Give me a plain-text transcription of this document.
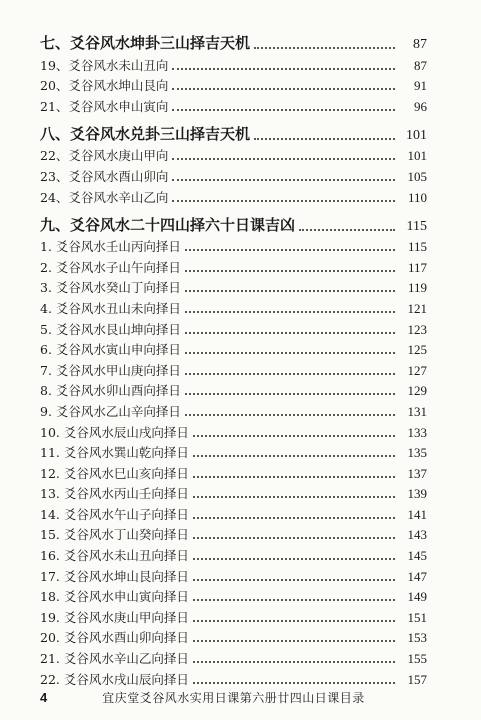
七、爻谷风水坤卦三山择吉天机	87
19、爻谷风水未山丑向	87
20、爻谷风水坤山艮向	91
21、爻谷风水申山寅向	96
八、爻谷风水兑卦三山择吉天机	101
22、爻谷风水庚山甲向	101
23、爻谷风水酉山卯向	105
24、爻谷风水辛山乙向	110
九、爻谷风水二十四山择六十日课吉凶	115
1. 爻谷风水壬山丙向择日	115
2. 爻谷风水子山午向择日	117
3. 爻谷风水癸山丁向择日	119
4. 爻谷风水丑山未向择日	121
5. 爻谷风水艮山坤向择日	123
6. 爻谷风水寅山申向择日	125
7. 爻谷风水甲山庚向择日	127
8. 爻谷风水卯山酉向择日	129
9. 爻谷风水乙山辛向择日	131
10. 爻谷风水辰山戌向择日	133
11. 爻谷风水巽山乾向择日	135
12. 爻谷风水巳山亥向择日	137
13. 爻谷风水丙山壬向择日	139
14. 爻谷风水午山子向择日	141
15. 爻谷风水丁山癸向择日	143
16. 爻谷风水未山丑向择日	145
17. 爻谷风水坤山艮向择日	147
18. 爻谷风水申山寅向择日	149
19. 爻谷风水庚山甲向择日	151
20. 爻谷风水酉山卯向择日	153
21. 爻谷风水辛山乙向择日	155
22. 爻谷风水戌山辰向择日	157
4	宜庆堂爻谷风水实用日课第六册廿四山日课目录
